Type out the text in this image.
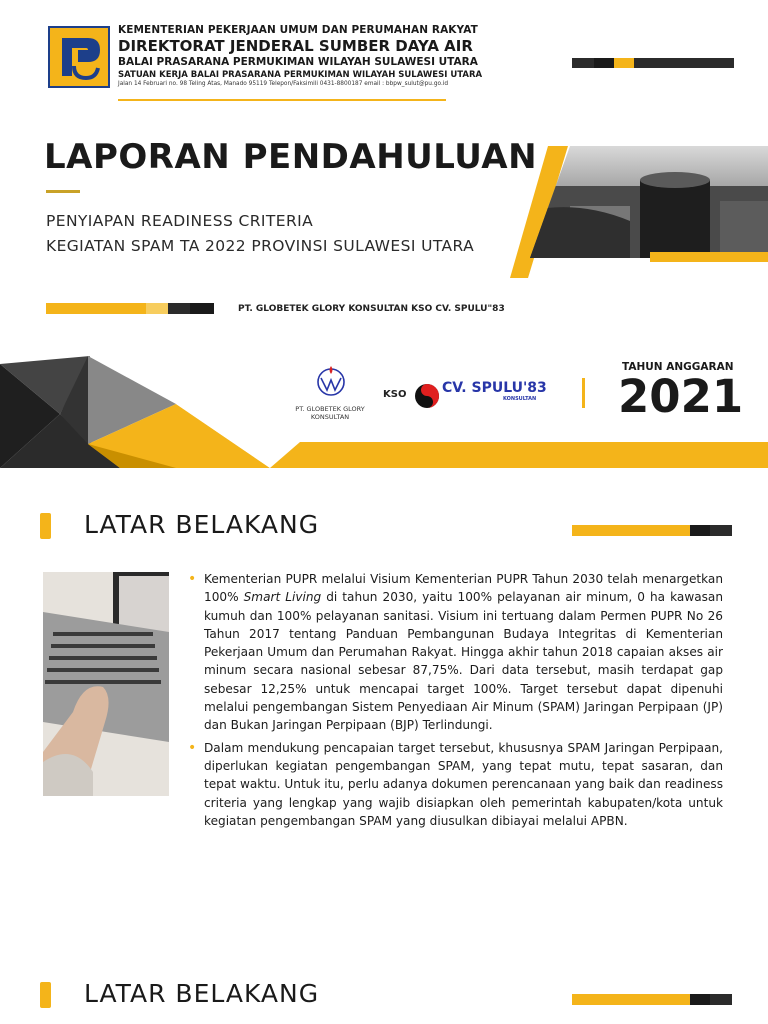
KEMENTERIAN PEKERJAAN UMUM DAN PERUMAHAN RAKYAT
DIREKTORAT JENDERAL SUMBER DAYA AIR
BALAI PRASARANA PERMUKIMAN WILAYAH SULAWESI UTARA
SATUAN KERJA BALAI PRASARANA PERMUKIMAN WILAYAH SULAWESI UTARA
Jalan 14 Februari no. 98 Teling Atas, Manado 95119 Telepon/Faksimili 0431-8800187 email : bbpw_sulut@pu.go.id
LAPORAN PENDAHULUAN
PENYIAPAN READINESS CRITERIA
KEGIATAN SPAM TA 2022 PROVINSI SULAWESI UTARA
PT. GLOBETEK GLORY KONSULTAN KSO CV. SPULU"83
PT. GLOBETEK GLORY KONSULTAN
KSO	CV. SPULU'83
KONSULTAN
TAHUN ANGGARAN
2021
LATAR BELAKANG
• Kementerian PUPR melalui Visium Kementerian PUPR Tahun 2030 telah menargetkan 100% Smart Living di tahun 2030, yaitu 100% pelayanan air minum, 0 ha kawasan kumuh dan 100% pelayanan sanitasi. Visium ini tertuang dalam Permen PUPR No 26 Tahun 2017 tentang Panduan Pembangunan Budaya Integritas di Kementerian Pekerjaan Umum dan Perumahan Rakyat. Hingga akhir tahun 2018 capaian akses air minum secara nasional sebesar 87,75%. Dari data tersebut, masih terdapat gap sebesar 12,25% untuk mencapai target 100%. Target tersebut dapat dipenuhi melalui pengembangan Sistem Penyediaan Air Minum (SPAM) Jaringan Perpipaan (JP) dan Bukan Jaringan Perpipaan (BJP) Terlindungi.
• Dalam mendukung pencapaian target tersebut, khususnya SPAM Jaringan Perpipaan, diperlukan kegiatan pengembangan SPAM, yang tepat mutu, tepat sasaran, dan tepat waktu. Untuk itu, perlu adanya dokumen perencanaan yang baik dan readiness criteria yang lengkap yang wajib disiapkan oleh pemerintah kabupaten/kota untuk kegiatan pengembangan SPAM yang diusulkan dibiayai melalui APBN.
LATAR BELAKANG
